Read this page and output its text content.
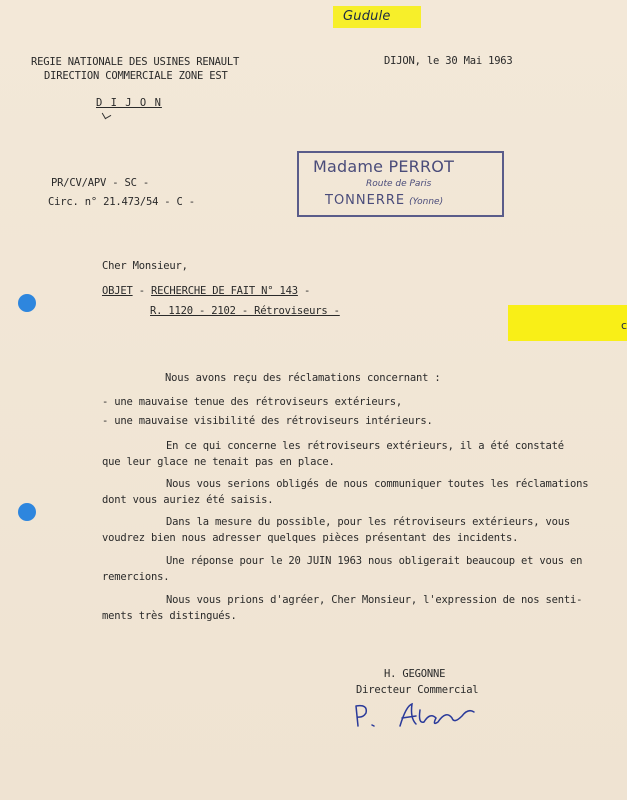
Gudule
REGIE NATIONALE DES USINES RENAULT
DIRECTION COMMERCIALE ZONE EST
D I J O N
DIJON, le 30 Mai 1963
PR/CV/APV - SC -
Circ. n° 21.473/54 - C -
Madame PERROT
Route de Paris
TONNERRE (Yonne)
Cher Monsieur,
OBJET - RECHERCHE DE FAIT N° 143 -
R. 1120 - 2102 - Rétroviseurs -
c
Nous avons reçu des réclamations concernant :
- une mauvaise tenue des rétroviseurs extérieurs,
- une mauvaise visibilité des rétroviseurs intérieurs.
En ce qui concerne les rétroviseurs extérieurs, il a été constaté
que leur glace ne tenait pas en place.
Nous vous serions obligés de nous communiquer toutes les réclamations
dont vous auriez été saisis.
Dans la mesure du possible, pour les rétroviseurs extérieurs, vous
voudrez bien nous adresser quelques pièces présentant des incidents.
Une réponse pour le 20 JUIN 1963 nous obligerait beaucoup et vous en
remercions.
Nous vous prions d'agréer, Cher Monsieur, l'expression de nos senti-
ments très distingués.
H. GEGONNE
Directeur Commercial
